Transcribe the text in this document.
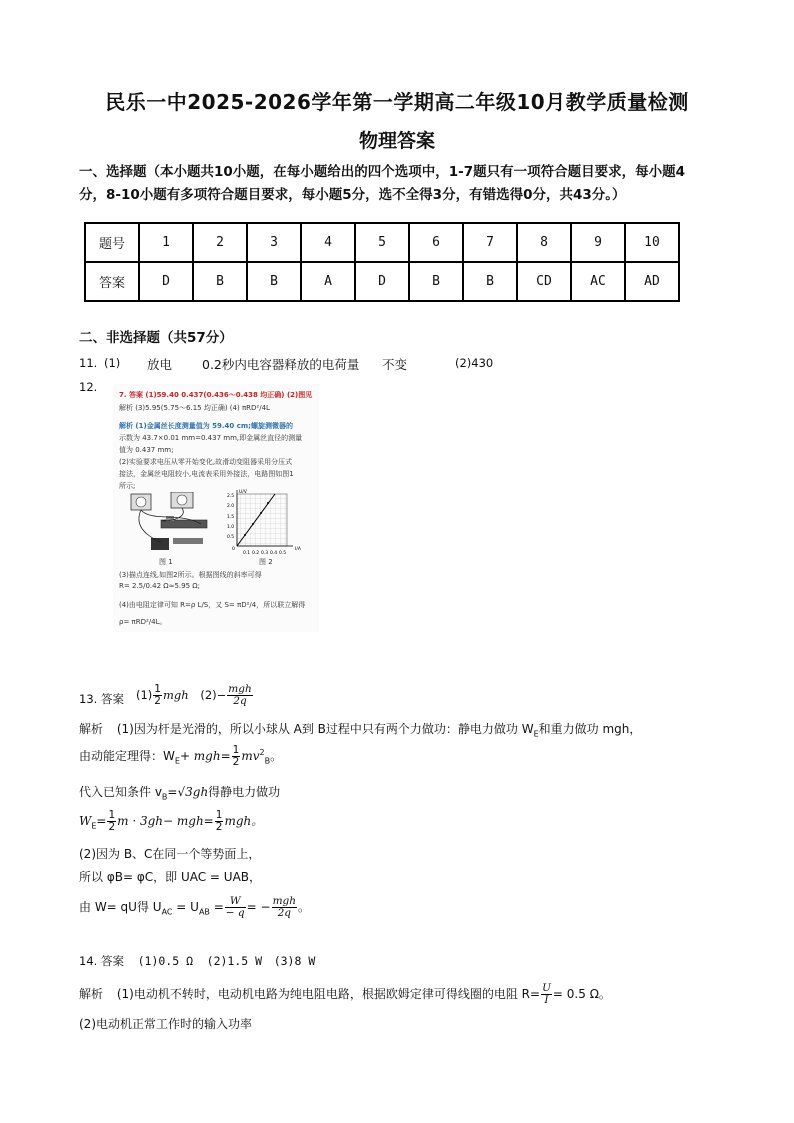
民乐一中2025-2026学年第一学期高二年级10月教学质量检测
物理答案
一、选择题（本小题共10小题，在每小题给出的四个选项中，1-7题只有一项符合题目要求，每小题4
分，8-10小题有多项符合题目要求，每小题5分，选不全得3分，有错选得0分，共43分。）
题号	1	2	3	4	5	6	7	8	9	10
答案	D	B	B	A	D	B	B	CD	AC	AD
二、非选择题（共57分）
11. (1) 放电 0.2秒内电容器释放的电荷量 不变	(2)430
12.
7. 答案 (1)59.40 0.437(0.436～0.438 均正确) (2)图见
解析 (3)5.95(5.75～6.15 均正确) (4) πRD²/4L
解析 (1)金属丝长度测量值为 59.40 cm;螺旋测微器的
示数为 43.7×0.01 mm=0.437 mm,即金属丝直径的测量
值为 0.437 mm;
(2)实验要求电压从零开始变化,故滑动变阻器采用分压式
接法，金属丝电阻较小,电流表采用外接法，电路图如图1
所示;
图 1
2.5
2.0
1.5
1.0
0.5
0
0.1 0.2 0.3 0.4 0.5
U/V
I/A
图 2
(3)描点连线,如图2所示。根据图线的斜率可得
R= 2.5/0.42 Ω≈5.95 Ω;
(4)由电阻定律可知 R=ρ L/S，又 S= πD²/4，所以联立解得
ρ= πRD²/4L。
13. 答案 $(1) \frac{1}{2}$ mgh $(2)- \frac{\text{mgh}}{2q}$
解析 (1)因为杆是光滑的，所以小球从 A到 B过程中只有两个力做功：静电力做功 $W_E$和重力做功 mgh，
由动能定理得：$W_E+ mgh= \frac{1}{2} mv^2_B$。
代入已知条件 $v_B=√3gh$得静电力做功
$W_E= \frac{1}{2}$ $m \cdot 3gh- mgh= \frac{1}{2}$ mgh。
(2)因为 B、C在同一个等势面上，
所以 φB= φC，即 UAC = UAB，
由 W= qU得 $U_{AC} = U_{AB} = \frac{W}{- q}$ = − $\frac{\text{mgh}}{2q}$ 。
14. 答案 (1)0.5 Ω (2)1.5 W (3)8 W
解析 (1)电动机不转时，电动机电路为纯电阻电路，根据欧姆定律可得线圈的电阻 $R= \frac{U}{I} = 0.5$ Ω。
(2)电动机正常工作时的输入功率
